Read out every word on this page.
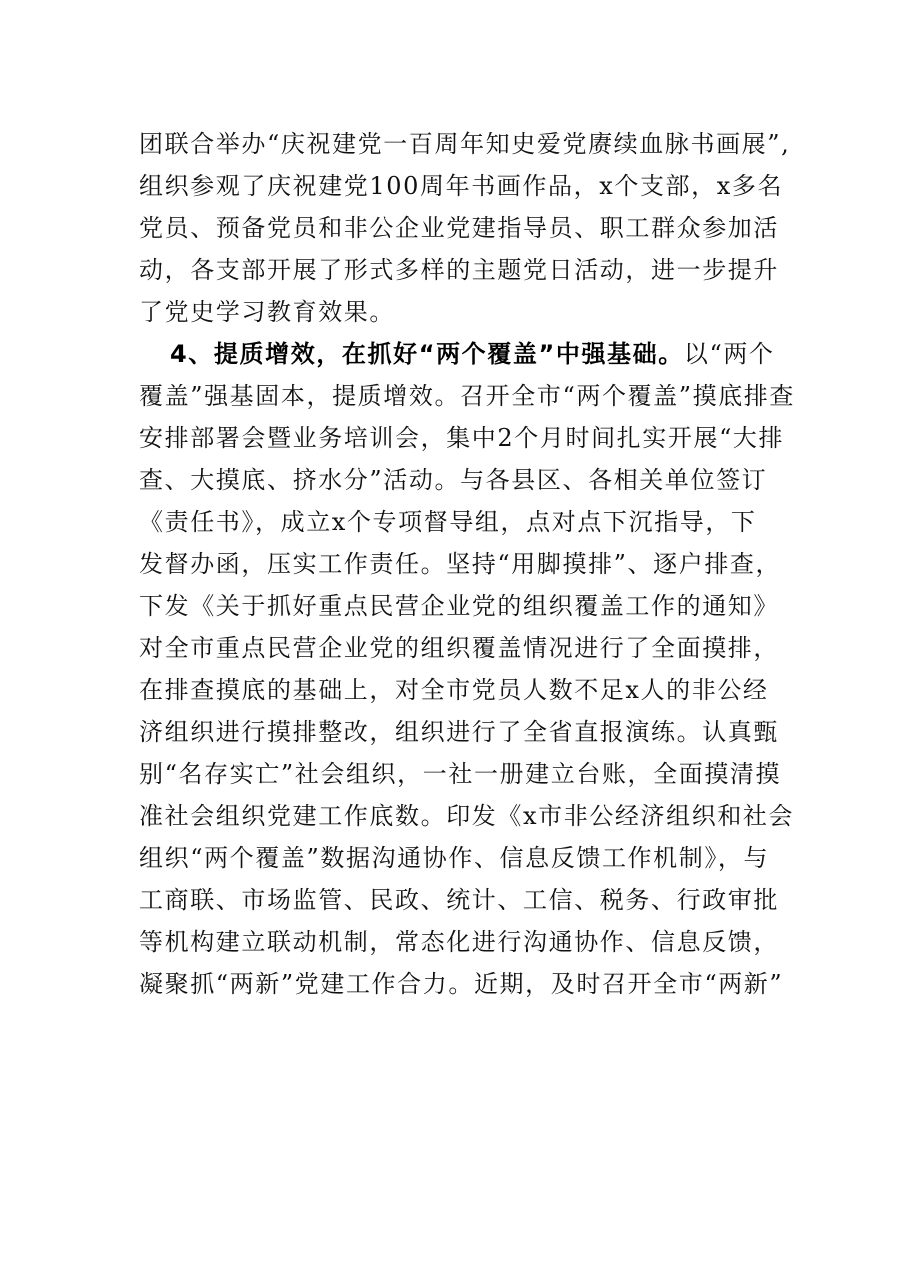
团联合举办“庆祝建党一百周年知史爱党赓续血脉书画展”,
组织参观了庆祝建党100周年书画作品，x个支部，x多名
党员、预备党员和非公企业党建指导员、职工群众参加活
动，各支部开展了形式多样的主题党日活动，进一步提升
了党史学习教育效果。
4、提质增效，在抓好“两个覆盖”中强基础。以“两个
覆盖”强基固本，提质增效。召开全市“两个覆盖”摸底排查
安排部署会暨业务培训会，集中2个月时间扎实开展“大排
查、大摸底、挤水分”活动。与各县区、各相关单位签订
《责任书》，成立x个专项督导组，点对点下沉指导，下
发督办函，压实工作责任。坚持“用脚摸排”、逐户排查，
下发《关于抓好重点民营企业党的组织覆盖工作的通知》
对全市重点民营企业党的组织覆盖情况进行了全面摸排，
在排查摸底的基础上，对全市党员人数不足x人的非公经
济组织进行摸排整改，组织进行了全省直报演练。认真甄
别“名存实亡”社会组织，一社一册建立台账，全面摸清摸
准社会组织党建工作底数。印发《x市非公经济组织和社会
组织“两个覆盖”数据沟通协作、信息反馈工作机制》，与
工商联、市场监管、民政、统计、工信、税务、行政审批
等机构建立联动机制，常态化进行沟通协作、信息反馈，
凝聚抓“两新”党建工作合力。近期，及时召开全市“两新”
